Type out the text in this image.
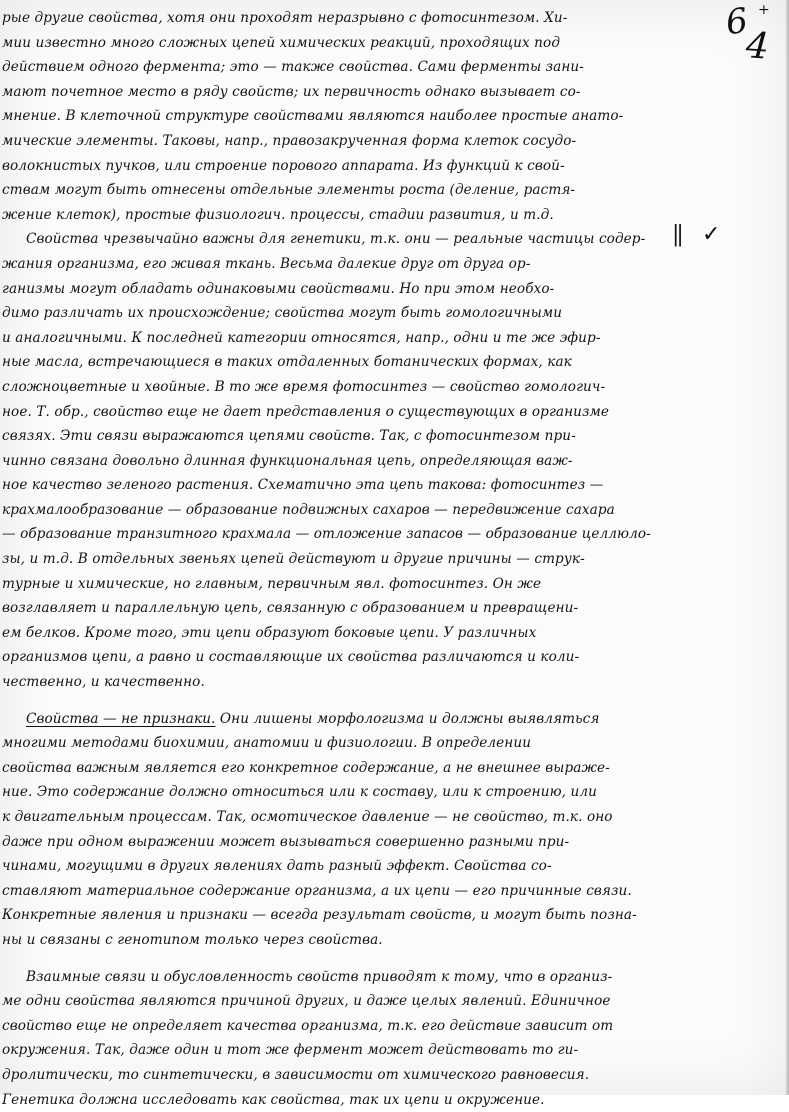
6 +
4
|| ✓
рые другие свойства, хотя они проходят неразрывно с фотосинтезом. Хи-
мии известно много сложных цепей химических реакций, проходящих под
действием одного фермента; это — также свойства. Сами ферменты зани-
мают почетное место в ряду свойств; их первичность однако вызывает со-
мнение. В клеточной структуре свойствами являются наиболее простые анато-
мические элементы. Таковы, напр., правозакрученная форма клеток сосудо-
волокнистых пучков, или строение порового аппарата. Из функций к свой-
ствам могут быть отнесены отдельные элементы роста (деление, растя-
жение клеток), простые физиологич. процессы, стадии развития, и т.д.
Свойства чрезвычайно важны для генетики, т.к. они — реальные частицы содер-
жания организма, его живая ткань. Весьма далекие друг от друга ор-
ганизмы могут обладать одинаковыми свойствами. Но при этом необхо-
димо различать их происхождение; свойства могут быть гомологичными
и аналогичными. К последней категории относятся, напр., одни и те же эфир-
ные масла, встречающиеся в таких отдаленных ботанических формах, как
сложноцветные и хвойные. В то же время фотосинтез — свойство гомологич-
ное. Т. обр., свойство еще не дает представления о существующих в организме
связях. Эти связи выражаются цепями свойств. Так, с фотосинтезом при-
чинно связана довольно длинная функциональная цепь, определяющая важ-
ное качество зеленого растения. Схематично эта цепь такова: фотосинтез —
крахмалообразование — образование подвижных сахаров — передвижение сахара
— образование транзитного крахмала — отложение запасов — образование целлюло-
зы, и т.д. В отдельных звеньях цепей действуют и другие причины — струк-
турные и химические, но главным, первичным явл. фотосинтез. Он же
возглавляет и параллельную цепь, связанную с образованием и превращени-
ем белков. Кроме того, эти цепи образуют боковые цепи. У различных
организмов цепи, а равно и составляющие их свойства различаются и коли-
чественно, и качественно.
Свойства — не признаки. Они лишены морфологизма и должны выявляться
многими методами биохимии, анатомии и физиологии. В определении
свойства важным является его конкретное содержание, а не внешнее выраже-
ние. Это содержание должно относиться или к составу, или к строению, или
к двигательным процессам. Так, осмотическое давление — не свойство, т.к. оно
даже при одном выражении может вызываться совершенно разными при-
чинами, могущими в других явлениях дать разный эффект. Свойства со-
ставляют материальное содержание организма, а их цепи — его причинные связи.
Конкретные явления и признаки — всегда результат свойств, и могут быть позна-
ны и связаны с генотипом только через свойства.
Взаимные связи и обусловленность свойств приводят к тому, что в организ-
ме одни свойства являются причиной других, и даже целых явлений. Единичное
свойство еще не определяет качества организма, т.к. его действие зависит от
окружения. Так, даже один и тот же фермент может действовать то ги-
дролитически, то синтетически, в зависимости от химического равновесия.
Генетика должна исследовать как свойства, так их цепи и окружение.
